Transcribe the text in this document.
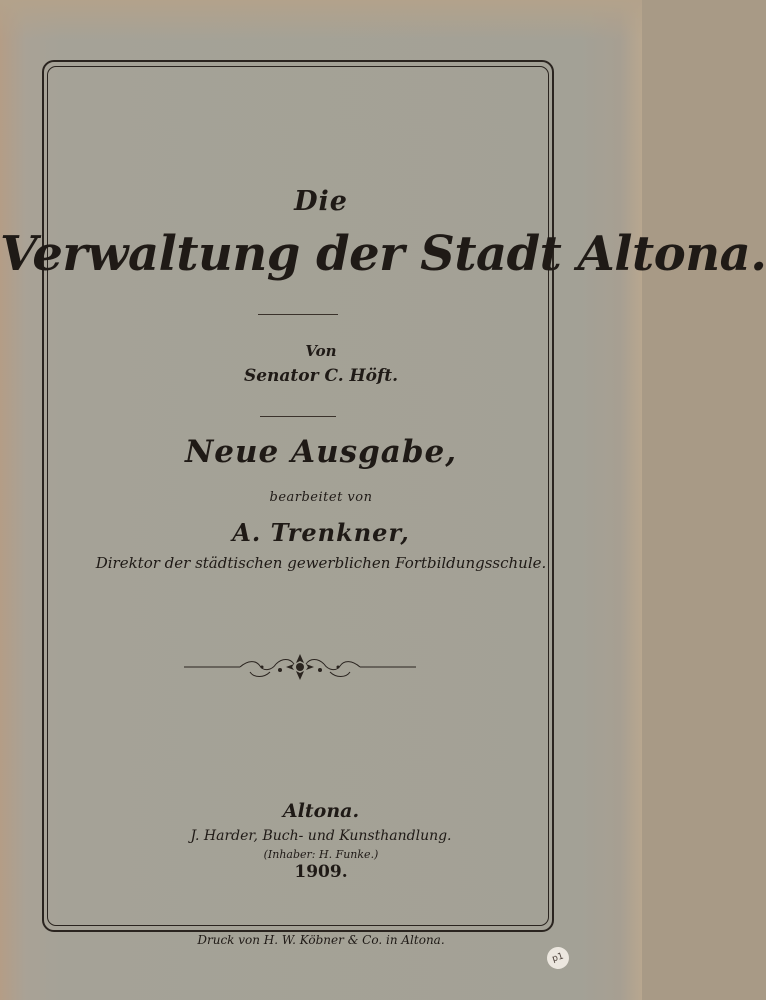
Die
Verwaltung der Stadt Altona.
Von
Senator C. Höft.
Neue Ausgabe,
bearbeitet von
A. Trenkner,
Direktor der städtischen gewerblichen Fortbildungsschule.
Altona.
J. Harder, Buch- und Kunsthandlung.
(Inhaber: H. Funke.)
1909.
Druck von H. W. Köbner & Co. in Altona.
p1
